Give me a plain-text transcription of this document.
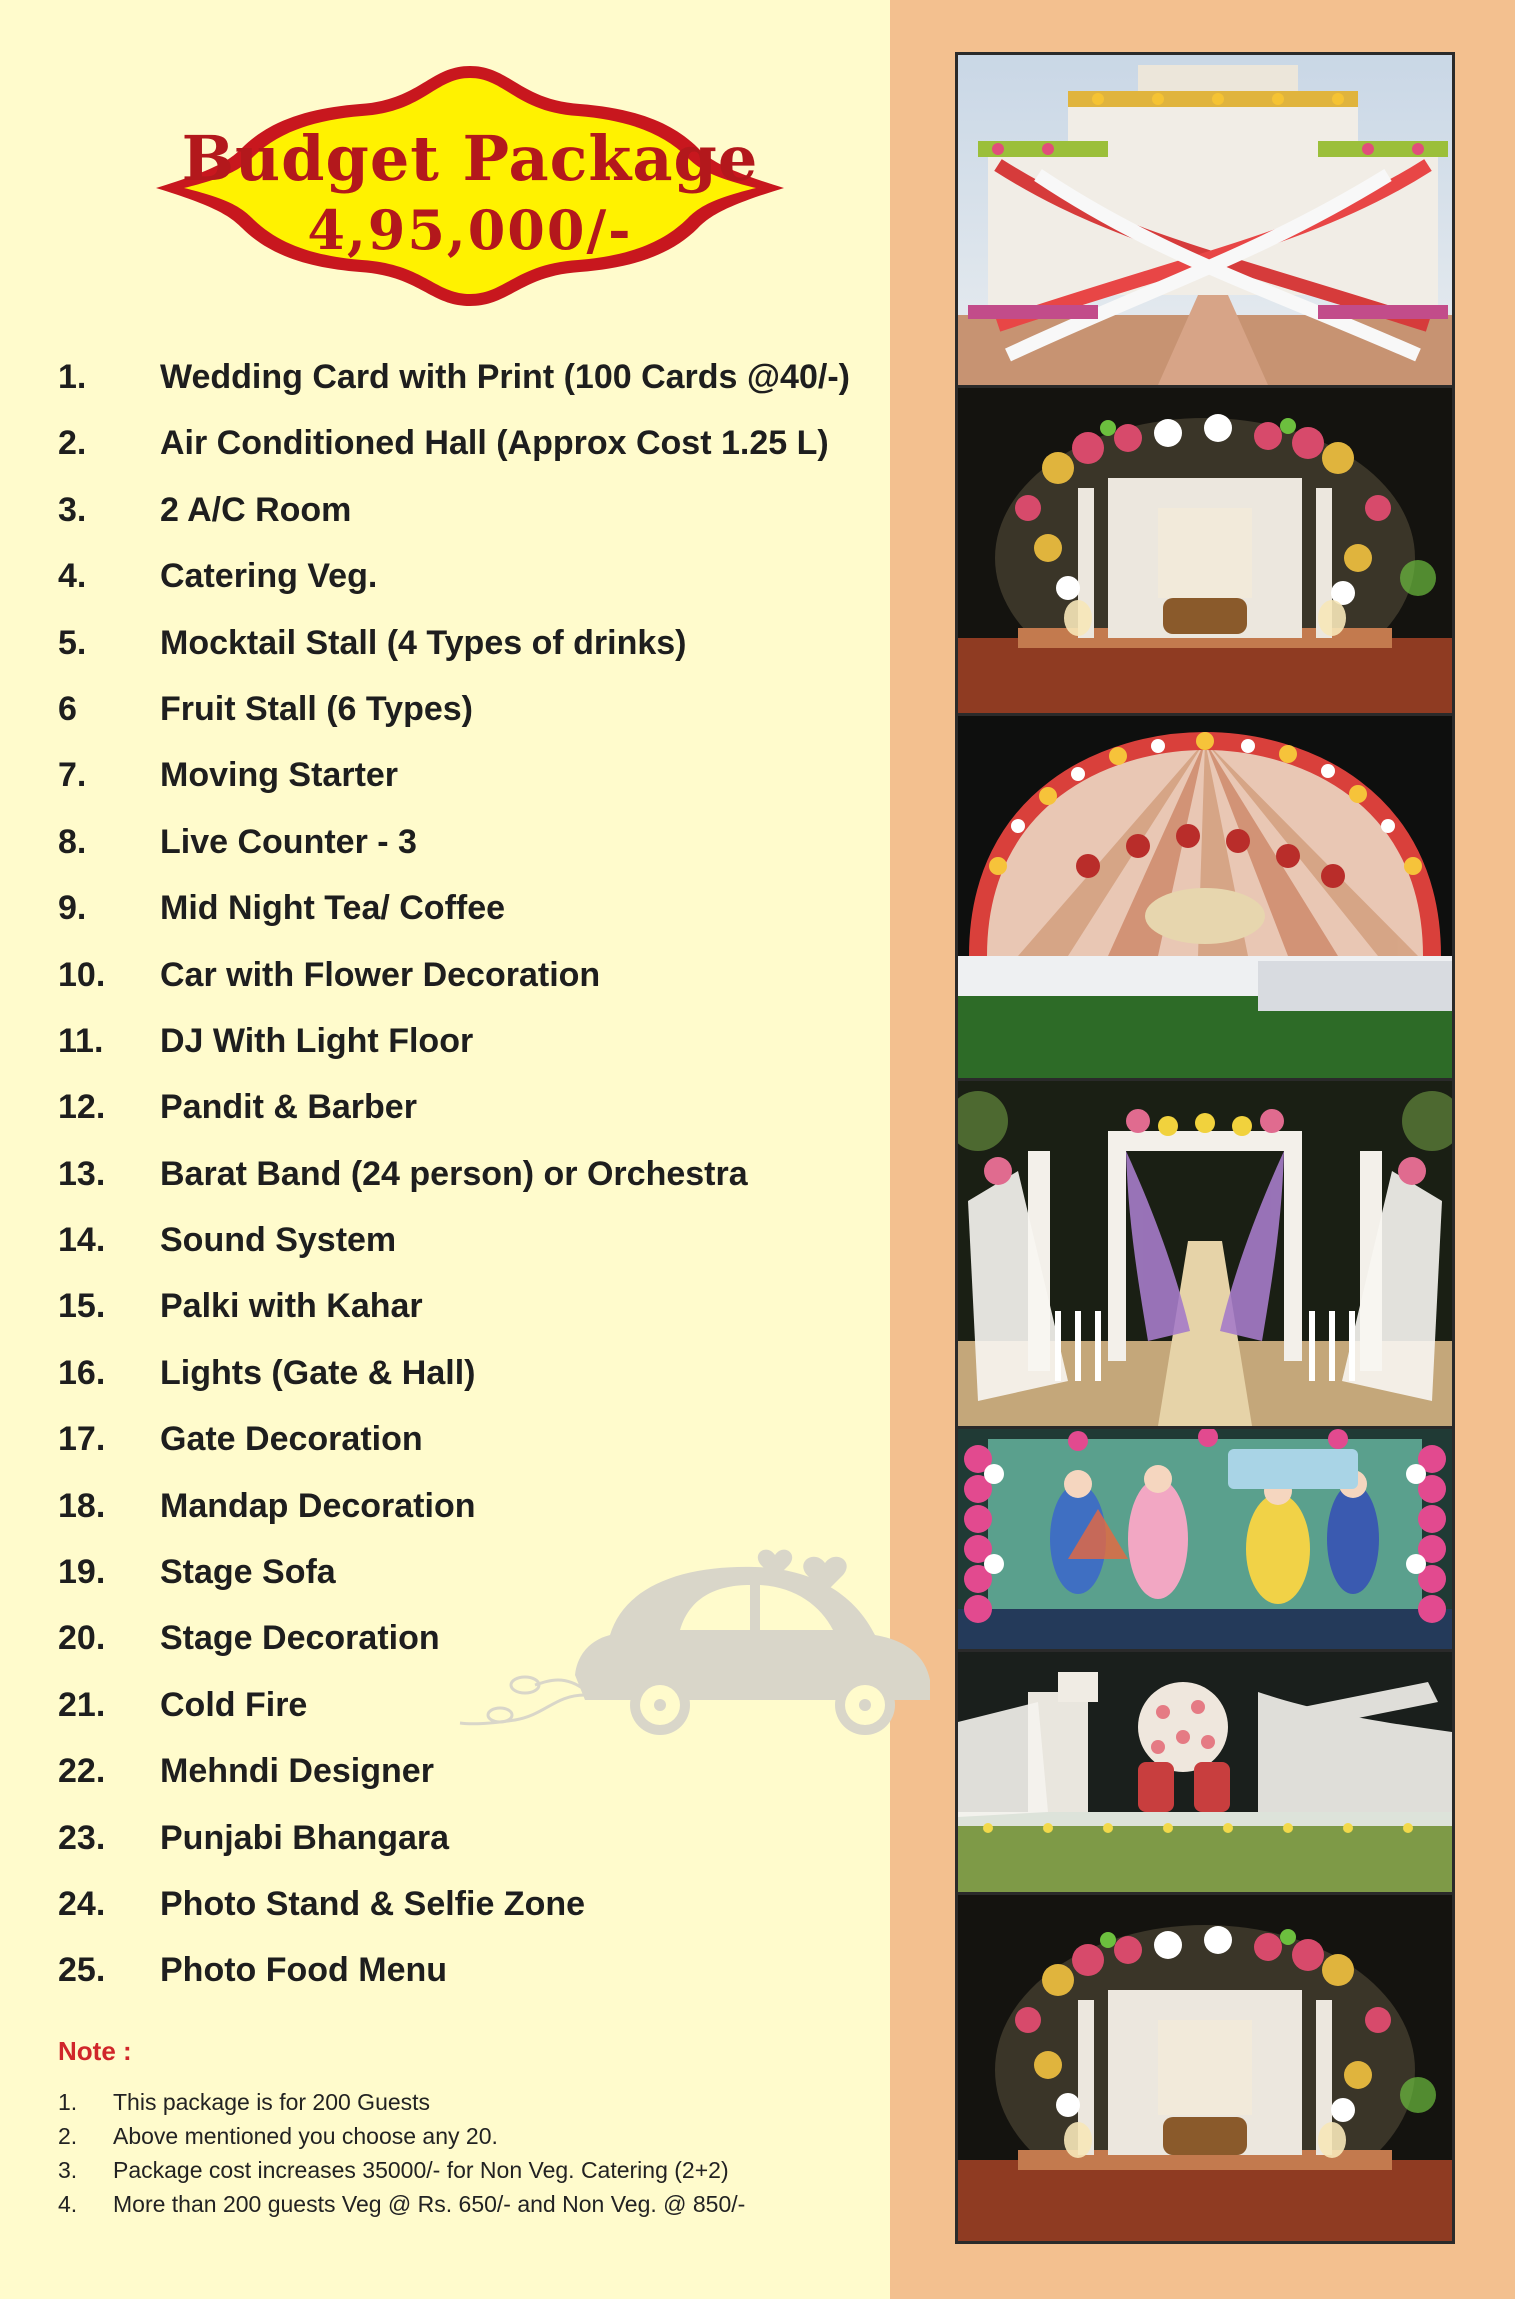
Budget Package
4,95,000/-
1. Wedding Card with Print (100 Cards @40/-)
2. Air Conditioned Hall (Approx Cost 1.25 L)
3. 2 A/C Room
4. Catering Veg.
5. Mocktail Stall (4 Types of drinks)
6 Fruit Stall (6 Types)
7. Moving Starter
8. Live Counter - 3
9. Mid Night Tea/ Coffee
10. Car with Flower Decoration
11. DJ With Light Floor
12. Pandit & Barber
13. Barat Band (24 person) or Orchestra
14. Sound System
15. Palki with Kahar
16. Lights (Gate & Hall)
17. Gate Decoration
18. Mandap Decoration
19. Stage Sofa
20. Stage Decoration
21. Cold Fire
22. Mehndi Designer
23. Punjabi Bhangara
24. Photo Stand & Selfie Zone
25. Photo Food Menu
Note :
1. This package is for 200 Guests
2. Above mentioned you choose any 20.
3. Package cost increases 35000/- for Non Veg. Catering (2+2)
4. More than 200 guests Veg @ Rs. 650/- and Non Veg. @ 850/-
